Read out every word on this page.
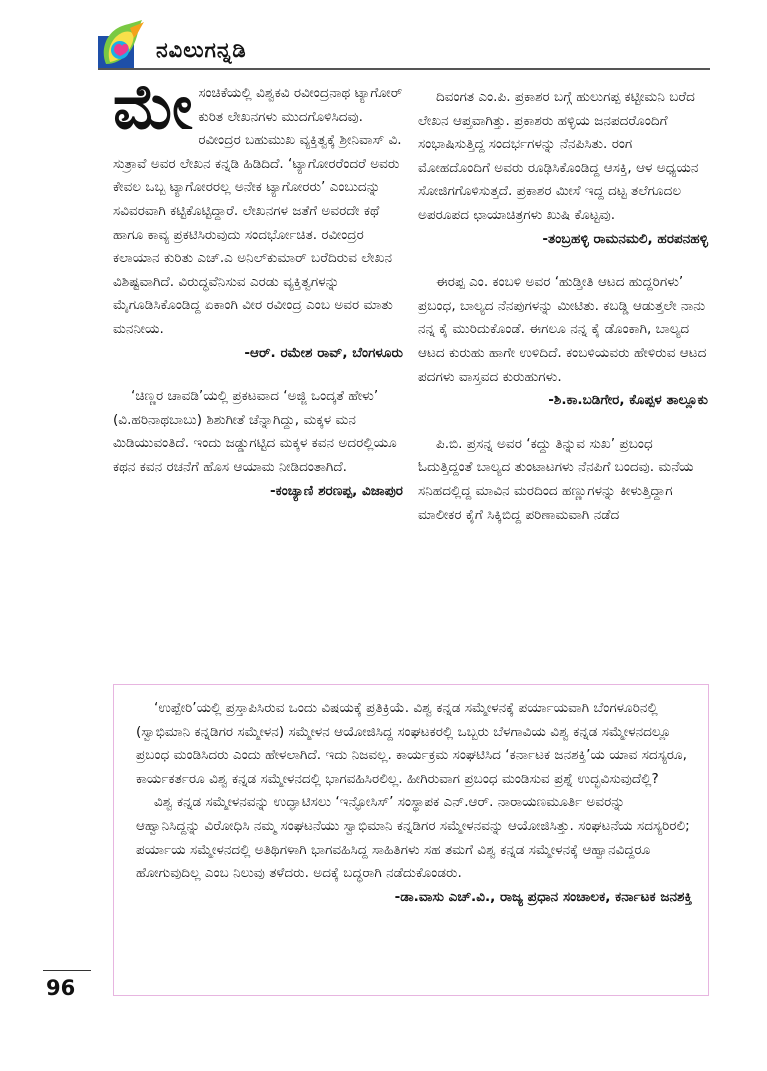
ನವಿಲುಗನ್ನಡಿ
ಮೇ ಸಂಚಿಕೆಯಲ್ಲಿ ವಿಶ್ವಕವಿ ರವೀಂದ್ರನಾಥ ಟ್ಯಾಗೋರ್ ಕುರಿತ ಲೇಖನಗಳು ಮುದಗೊಳಿಸಿದವು. ರವೀಂದ್ರರ ಬಹುಮುಖ ವ್ಯಕ್ತಿತ್ವಕ್ಕೆ ಶ್ರೀನಿವಾಸ್ ವಿ. ಸುತ್ರಾವೆ ಅವರ ಲೇಖನ ಕನ್ನಡಿ ಹಿಡಿದಿದೆ. ‘ಟ್ಯಾಗೋರರೆಂದರೆ ಅವರು ಕೇವಲ ಒಬ್ಬ ಟ್ಯಾಗೋರರಲ್ಲ ಅನೇಕ ಟ್ಯಾಗೋರರು’ ಎಂಬುದನ್ನು ಸವಿವರವಾಗಿ ಕಟ್ಟಿಕೊಟ್ಟಿದ್ದಾರೆ. ಲೇಖನಗಳ ಜತೆಗೆ ಅವರದೇ ಕಥೆ ಹಾಗೂ ಕಾವ್ಯ ಪ್ರಕಟಿಸಿರುವುದು ಸಂದರ್ಭೋಚಿತ. ರವೀಂದ್ರರ ಕಲಾಯಾನ ಕುರಿತು ಎಚ್.ಎ ಅನಿಲ್‌ಕುಮಾರ್ ಬರೆದಿರುವ ಲೇಖನ ವಿಶಿಷ್ಟವಾಗಿದೆ. ವಿರುದ್ಧವೆನಿಸುವ ಎರಡು ವ್ಯಕ್ತಿತ್ವಗಳನ್ನು ಮೈಗೂಡಿಸಿಕೊಂಡಿದ್ದ ಏಕಾಂಗಿ ವೀರ ರವೀಂದ್ರ ಎಂಬ ಅವರ ಮಾತು ಮನನೀಯ.
-ಆರ್. ರಮೇಶ ರಾವ್, ಬೆಂಗಳೂರು
‘ಚಿಣ್ಣರ ಚಾವಡಿ’ಯಲ್ಲಿ ಪ್ರಕಟವಾದ ‘ಅಜ್ಜಿ ಒಂದ್ಕತೆ ಹೇಳು’ (ವಿ.ಹರಿನಾಥಬಾಬು) ಶಿಶುಗೀತೆ ಚೆನ್ನಾಗಿದ್ದು, ಮಕ್ಕಳ ಮನ ಮಿಡಿಯುವಂತಿದೆ. ಇಂದು ಜಡ್ಡುಗಟ್ಟಿದ ಮಕ್ಕಳ ಕವನ ಅದರಲ್ಲಿಯೂ ಕಥನ ಕವನ ರಚನೆಗೆ ಹೊಸ ಆಯಾಮ ನೀಡಿದಂತಾಗಿದೆ.
-ಕಂಚ್ಯಾಣಿ ಶರಣಪ್ಪ, ವಿಜಾಪುರ
ದಿವಂಗತ ಎಂ.ಪಿ. ಪ್ರಕಾಶರ ಬಗ್ಗೆ ಹುಲುಗಪ್ಪ ಕಟ್ಟೀಮನಿ ಬರೆದ ಲೇಖನ ಆಪ್ತವಾಗಿತ್ತು. ಪ್ರಕಾಶರು ಹಳ್ಳಿಯ ಜನಪದರೊಂದಿಗೆ ಸಂಭಾಷಿಸುತ್ತಿದ್ದ ಸಂದರ್ಭಗಳನ್ನು ನೆನಪಿಸಿತು. ರಂಗ ಮೋಹದೊಂದಿಗೆ ಅವರು ರೂಢಿಸಿಕೊಂಡಿದ್ದ ಆಸಕ್ತಿ, ಆಳ ಅಧ್ಯಯನ ಸೋಜಿಗಗೊಳಿಸುತ್ತದೆ. ಪ್ರಕಾಶರ ಮೀಸೆ ಇದ್ದ ದಟ್ಟ ತಲೆಗೂದಲ ಅಪರೂಪದ ಛಾಯಾಚಿತ್ರಗಳು ಖುಷಿ ಕೊಟ್ಟವು.
-ತಂಬ್ರಹಳ್ಳಿ ರಾಮನಮಲಿ, ಹರಪನಹಳ್ಳಿ
ಈರಪ್ಪ ಎಂ. ಕಂಬಳಿ ಅವರ ‘ಹುಡ್ತೀತಿ ಆಟದ ಹುದ್ದರಿಗಳು’ ಪ್ರಬಂಧ, ಬಾಲ್ಯದ ನೆನಪುಗಳನ್ನು ಮೀಟಿತು. ಕಬಡ್ಡಿ ಆಡುತ್ತಲೇ ನಾನು ನನ್ನ ಕೈ ಮುರಿದುಕೊಂಡೆ. ಈಗಲೂ ನನ್ನ ಕೈ ಡೊಂಕಾಗಿ, ಬಾಲ್ಯದ ಆಟದ ಕುರುಹು ಹಾಗೇ ಉಳಿದಿದೆ. ಕಂಬಳಿಯವರು ಹೇಳಿರುವ ಆಟದ ಪದಗಳು ವಾಸ್ತವದ ಕುರುಹುಗಳು.
-ಶಿ.ಕಾ.ಬಡಿಗೇರ, ಕೊಪ್ಪಳ ತಾಲ್ಲೂಕು
ಪಿ.ಬಿ. ಪ್ರಸನ್ನ ಅವರ ‘ಕದ್ದು ತಿನ್ನುವ ಸುಖ’ ಪ್ರಬಂಧ ಓದುತ್ತಿದ್ದಂತೆ ಬಾಲ್ಯದ ತುಂಟಾಟಗಳು ನೆನಪಿಗೆ ಬಂದವು. ಮನೆಯ ಸನಿಹದಲ್ಲಿದ್ದ ಮಾವಿನ ಮರದಿಂದ ಹಣ್ಣುಗಳನ್ನು ಕೀಳುತ್ತಿದ್ದಾಗ ಮಾಲೀಕರ ಕೈಗೆ ಸಿಕ್ಕಿಬಿದ್ದ ಪರಿಣಾಮವಾಗಿ ನಡೆದ
‘ಉಪ್ಪೇರಿ’ಯಲ್ಲಿ ಪ್ರಸ್ತಾಪಿಸಿರುವ ಒಂದು ವಿಷಯಕ್ಕೆ ಪ್ರತಿಕ್ರಿಯೆ. ವಿಶ್ವ ಕನ್ನಡ ಸಮ್ಮೇಳನಕ್ಕೆ ಪರ್ಯಾಯವಾಗಿ ಬೆಂಗಳೂರಿನಲ್ಲಿ (ಸ್ವಾಭಿಮಾನಿ ಕನ್ನಡಿಗರ ಸಮ್ಮೇಳನ) ಸಮ್ಮೇಳನ ಆಯೋಜಿಸಿದ್ದ ಸಂಘಟಕರಲ್ಲಿ ಒಬ್ಬರು ಬೆಳಗಾವಿಯ ವಿಶ್ವ ಕನ್ನಡ ಸಮ್ಮೇಳನದಲ್ಲೂ ಪ್ರಬಂಧ ಮಂಡಿಸಿದರು ಎಂದು ಹೇಳಲಾಗಿದೆ. ಇದು ನಿಜವಲ್ಲ. ಕಾರ್ಯಕ್ರಮ ಸಂಘಟಿಸಿದ ‘ಕರ್ನಾಟಕ ಜನಶಕ್ತಿ’ಯ ಯಾವ ಸದಸ್ಯರೂ, ಕಾರ್ಯಕರ್ತರೂ ವಿಶ್ವ ಕನ್ನಡ ಸಮ್ಮೇಳನದಲ್ಲಿ ಭಾಗವಹಿಸಿರಲಿಲ್ಲ. ಹೀಗಿರುವಾಗ ಪ್ರಬಂಧ ಮಂಡಿಸುವ ಪ್ರಶ್ನೆ ಉದ್ಭವಿಸುವುದೆಲ್ಲಿ?
ವಿಶ್ವ ಕನ್ನಡ ಸಮ್ಮೇಳನವನ್ನು ಉದ್ಘಾಟಿಸಲು ‘ಇನ್ಫೋಸಿಸ್’ ಸಂಸ್ಥಾಪಕ ಎನ್.ಆರ್. ನಾರಾಯಣಮೂರ್ತಿ ಅವರನ್ನು ಆಹ್ವಾನಿಸಿದ್ದನ್ನು ವಿರೋಧಿಸಿ ನಮ್ಮ ಸಂಘಟನೆಯು ಸ್ವಾಭಿಮಾನಿ ಕನ್ನಡಿಗರ ಸಮ್ಮೇಳನವನ್ನು ಆಯೋಜಿಸಿತ್ತು. ಸಂಘಟನೆಯ ಸದಸ್ಯರಿರಲಿ; ಪರ್ಯಾಯ ಸಮ್ಮೇಳನದಲ್ಲಿ ಅತಿಥಿಗಳಾಗಿ ಭಾಗವಹಿಸಿದ್ದ ಸಾಹಿತಿಗಳು ಸಹ ತಮಗೆ ವಿಶ್ವ ಕನ್ನಡ ಸಮ್ಮೇಳನಕ್ಕೆ ಆಹ್ವಾನವಿದ್ದರೂ ಹೋಗುವುದಿಲ್ಲ ಎಂಬ ನಿಲುವು ತಳೆದರು. ಅದಕ್ಕೆ ಬದ್ಧರಾಗಿ ನಡೆದುಕೊಂಡರು.
-ಡಾ.ವಾಸು ಎಚ್.ವಿ., ರಾಜ್ಯ ಪ್ರಧಾನ ಸಂಚಾಲಕ, ಕರ್ನಾಟಕ ಜನಶಕ್ತಿ
96
